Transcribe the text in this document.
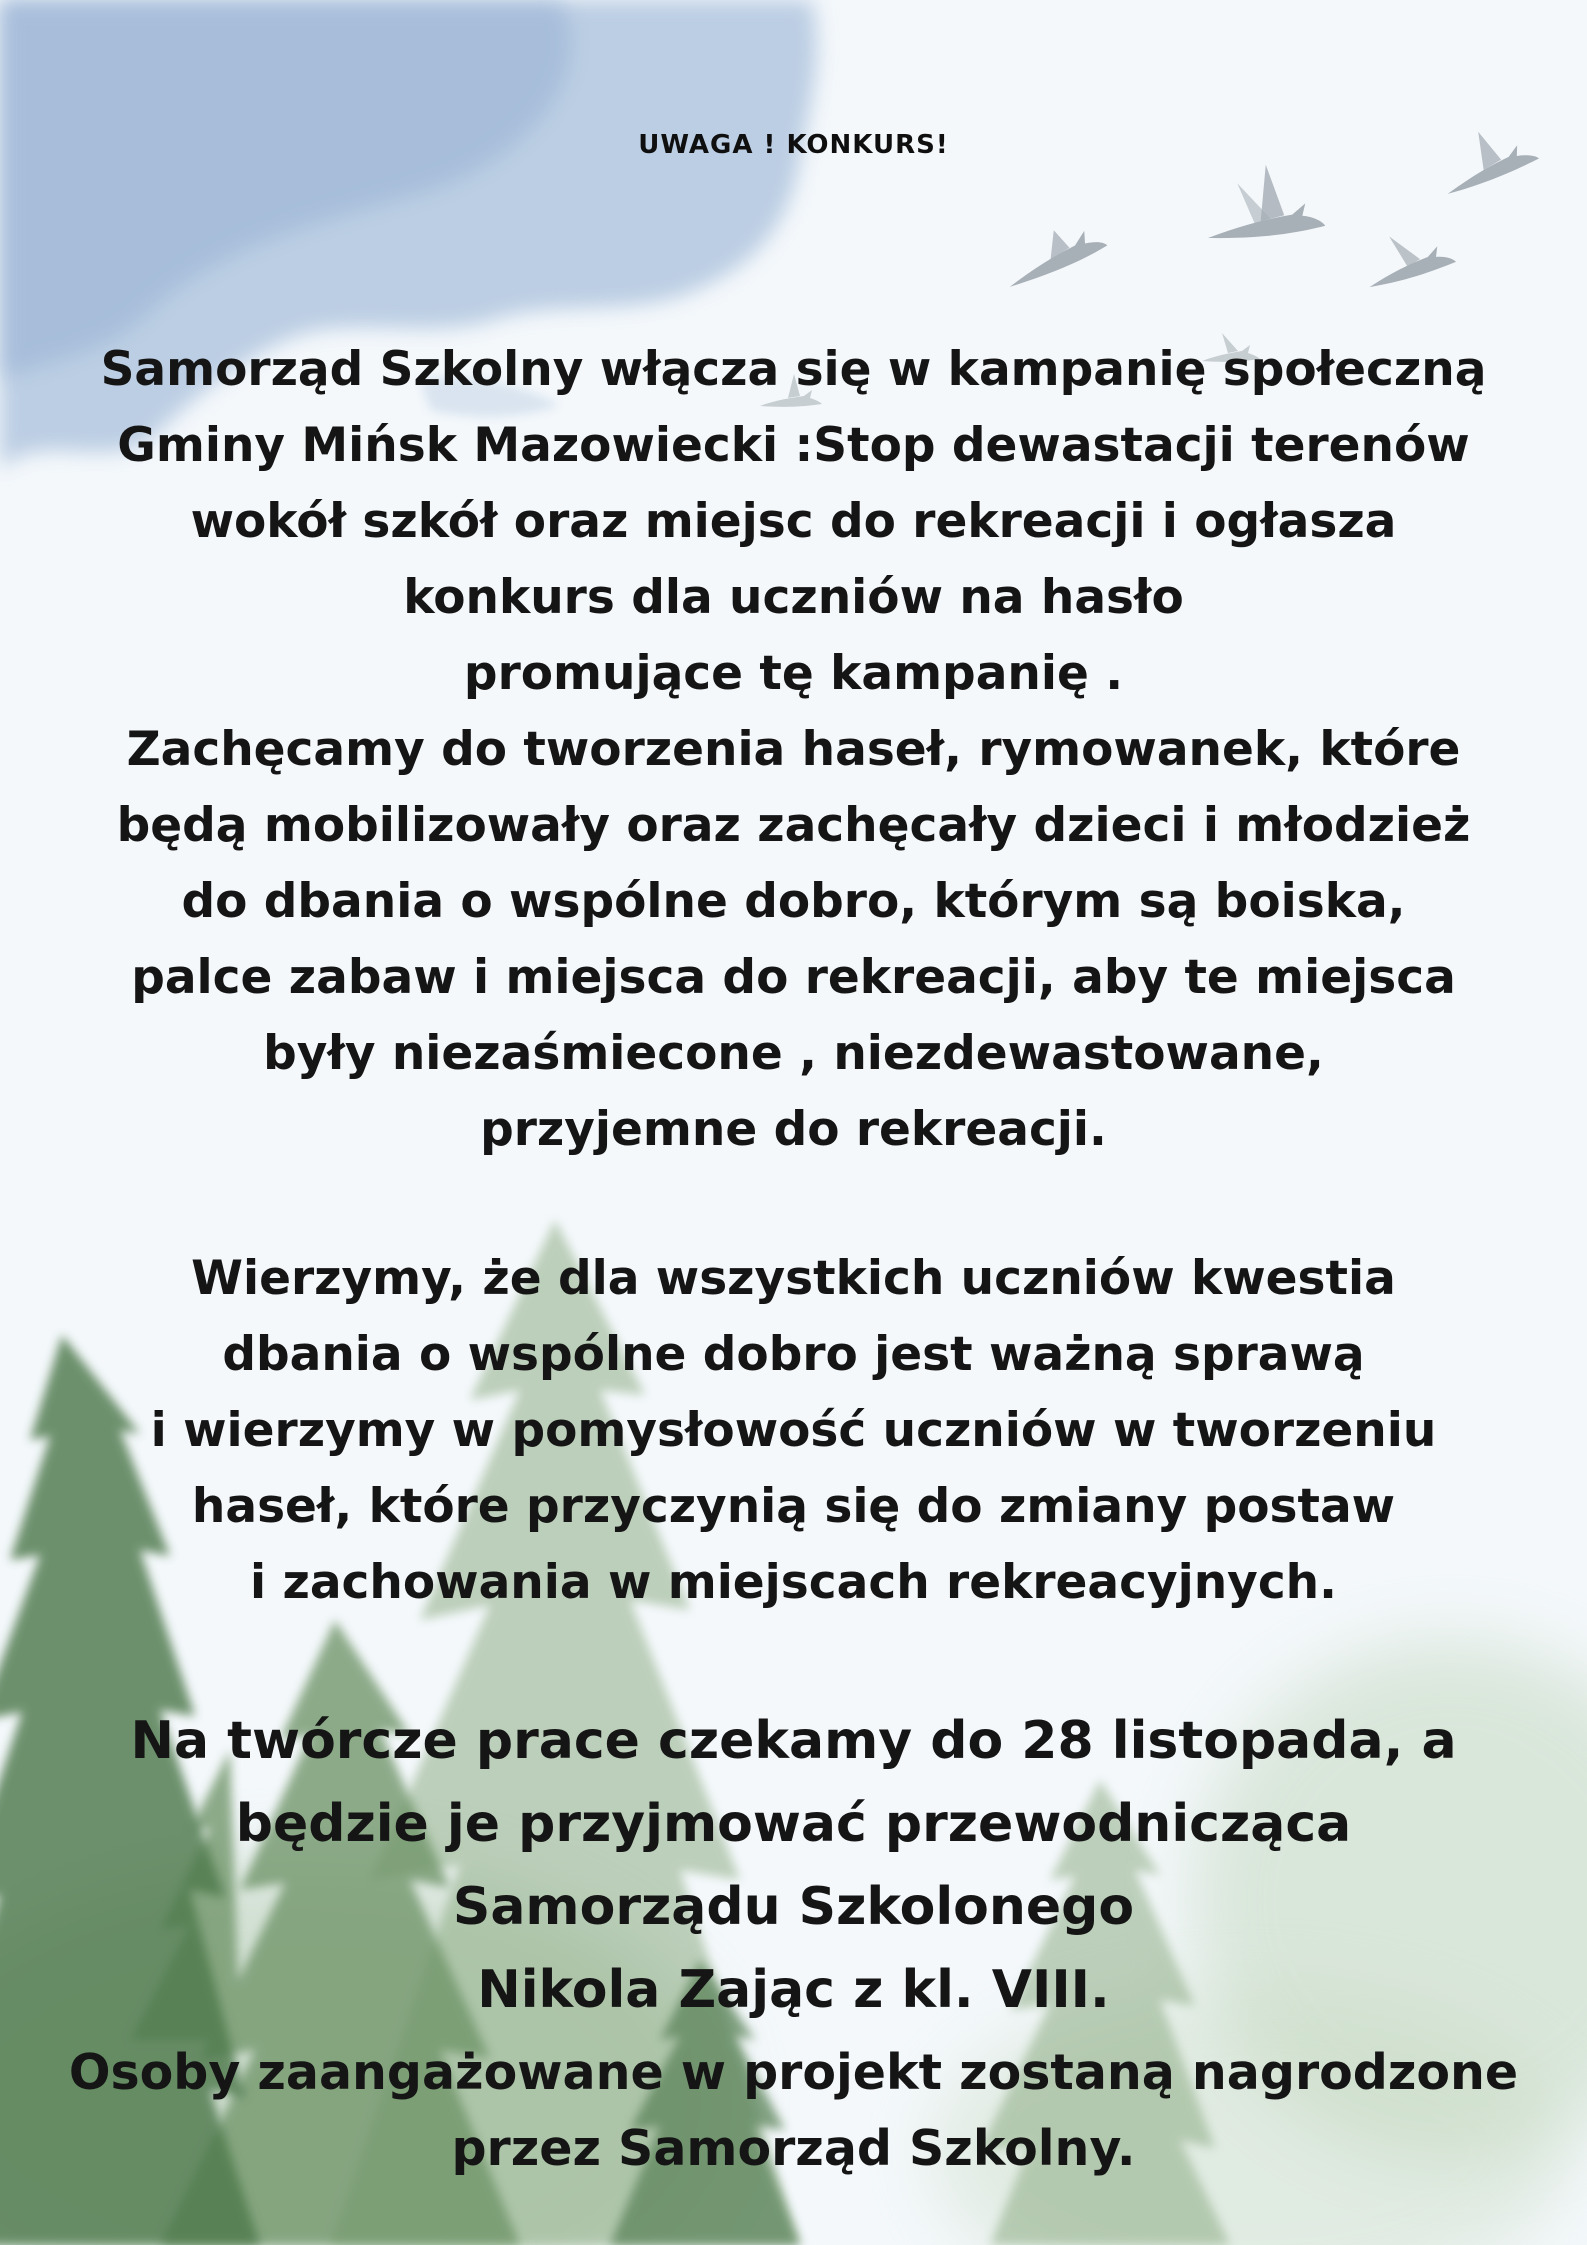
UWAGA ! KONKURS!

Samorząd Szkolny włącza się w kampanię społeczną
Gminy Mińsk Mazowiecki :Stop dewastacji terenów
wokół szkół oraz miejsc do rekreacji i ogłasza
konkurs dla uczniów na hasło
promujące tę kampanię .
Zachęcamy do tworzenia haseł, rymowanek, które
będą mobilizowały oraz zachęcały dzieci i młodzież
do dbania o wspólne dobro, którym są boiska,
palce zabaw i miejsca do rekreacji, aby te miejsca
były niezaśmiecone , niezdewastowane,
przyjemne do rekreacji.

Wierzymy, że dla wszystkich uczniów kwestia
dbania o wspólne dobro jest ważną sprawą
i wierzymy w pomysłowość uczniów w tworzeniu
haseł, które przyczynią się do zmiany postaw
i zachowania w miejscach rekreacyjnych.

Na twórcze prace czekamy do 28 listopada, a
będzie je przyjmować przewodnicząca
Samorządu Szkolonego
Nikola Zając z kl. VIII.

Osoby zaangażowane w projekt zostaną nagrodzone
przez Samorząd Szkolny.
